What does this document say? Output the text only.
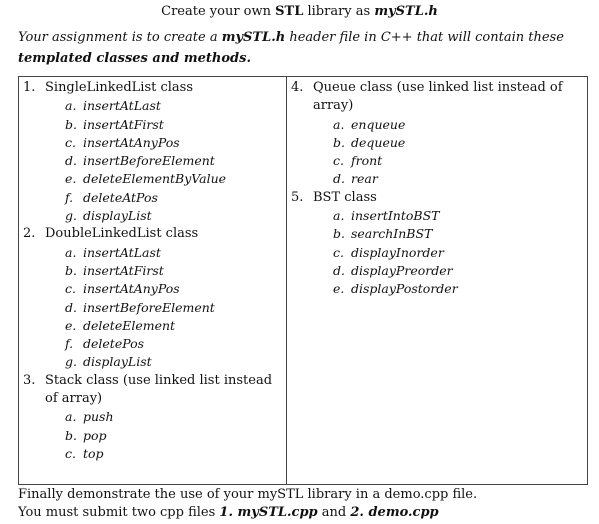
Create your own STL library as mySTL.h
Your assignment is to create a mySTL.h header file in C++ that will contain these templated classes and methods.
1. SingleLinkedList class
a. insertAtLast
b. insertAtFirst
c. insertAtAnyPos
d. insertBeforeElement
e. deleteElementByValue
f. deleteAtPos
g. displayList
2. DoubleLinkedList class
a. insertAtLast
b. insertAtFirst
c. insertAtAnyPos
d. insertBeforeElement
e. deleteElement
f. deletePos
g. displayList
3. Stack class (use linked list instead of array)
a. push
b. pop
c. top
4. Queue class (use linked list instead of array)
a. enqueue
b. dequeue
c. front
d. rear
5. BST class
a. insertIntoBST
b. searchInBST
c. displayInorder
d. displayPreorder
e. displayPostorder
Finally demonstrate the use of your mySTL library in a demo.cpp file.
You must submit two cpp files 1. mySTL.cpp and 2. demo.cpp
